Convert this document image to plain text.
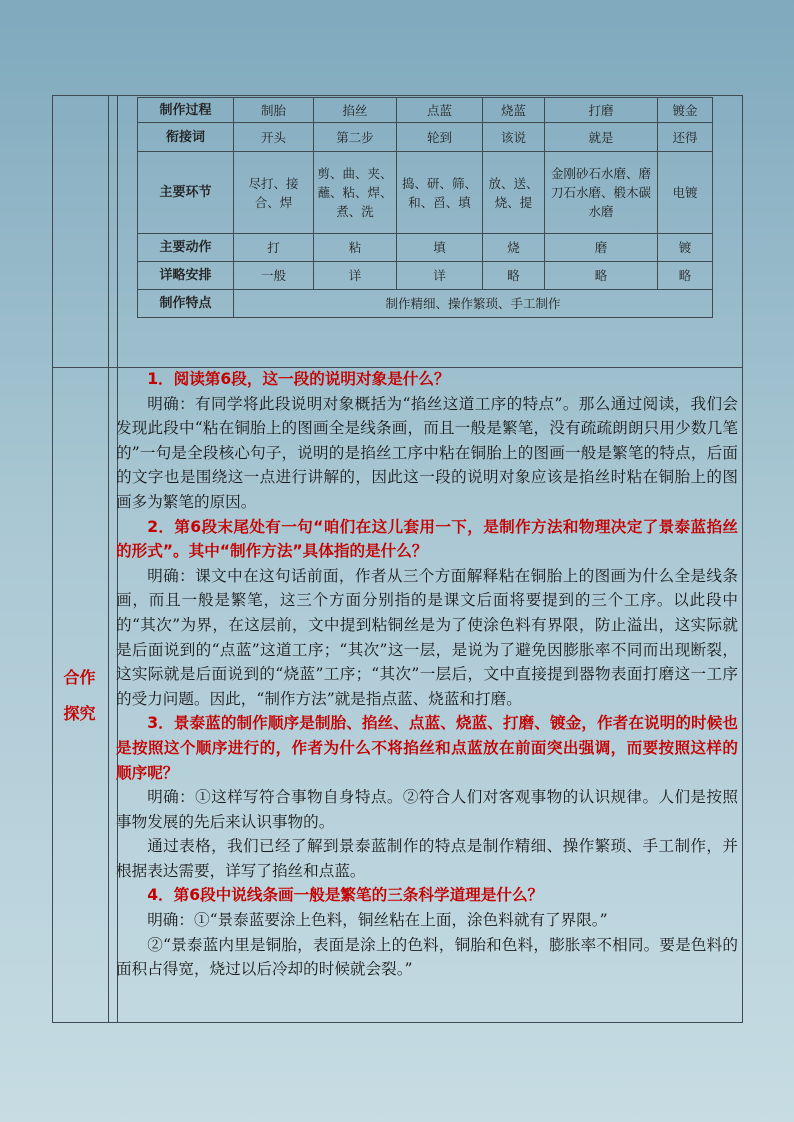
制作过程	制胎	掐丝	点蓝	烧蓝	打磨	镀金
衔接词	开头	第二步	轮到	该说	就是	还得
主要环节	尽打、接合、焊	剪、曲、夹、蘸、粘、焊、煮、洗	捣、研、筛、和、舀、填	放、送、烧、提	金刚砂石水磨、磨刀石水磨、椴木碳水磨	电镀
主要动作	打	粘	填	烧	磨	镀
详略安排	一般	详	详	略	略	略
制作特点	制作精细、操作繁琐、手工制作					
合作
探究

1．阅读第6段，这一段的说明对象是什么？

明确：有同学将此段说明对象概括为“掐丝这道工序的特点”。那么通过阅读，我们会发现此段中“粘在铜胎上的图画全是线条画，而且一般是繁笔，没有疏疏朗朗只用少数几笔的”一句是全段核心句子，说明的是掐丝工序中粘在铜胎上的图画一般是繁笔的特点，后面的文字也是围绕这一点进行讲解的，因此这一段的说明对象应该是掐丝时粘在铜胎上的图画多为繁笔的原因。

2．第6段末尾处有一句“咱们在这儿套用一下，是制作方法和物理决定了景泰蓝掐丝的形式”。其中“制作方法”具体指的是什么？

明确：课文中在这句话前面，作者从三个方面解释粘在铜胎上的图画为什么全是线条画，而且一般是繁笔，这三个方面分别指的是课文后面将要提到的三个工序。以此段中的“其次”为界，在这层前，文中提到粘铜丝是为了使涂色料有界限，防止溢出，这实际就是后面说到的“点蓝”这道工序；“其次”这一层，是说为了避免因膨胀率不同而出现断裂，这实际就是后面说到的“烧蓝”工序；“其次”一层后，文中直接提到器物表面打磨这一工序的受力问题。因此，“制作方法”就是指点蓝、烧蓝和打磨。

3．景泰蓝的制作顺序是制胎、掐丝、点蓝、烧蓝、打磨、镀金，作者在说明的时候也是按照这个顺序进行的，作者为什么不将掐丝和点蓝放在前面突出强调，而要按照这样的顺序呢？

明确：①这样写符合事物自身特点。②符合人们对客观事物的认识规律。人们是按照事物发展的先后来认识事物的。

通过表格，我们已经了解到景泰蓝制作的特点是制作精细、操作繁琐、手工制作，并根据表达需要，详写了掐丝和点蓝。

4．第6段中说线条画一般是繁笔的三条科学道理是什么？

明确：①“景泰蓝要涂上色料，铜丝粘在上面，涂色料就有了界限。”

②“景泰蓝内里是铜胎，表面是涂上的色料，铜胎和色料，膨胀率不相同。要是色料的面积占得宽，烧过以后冷却的时候就会裂。”
